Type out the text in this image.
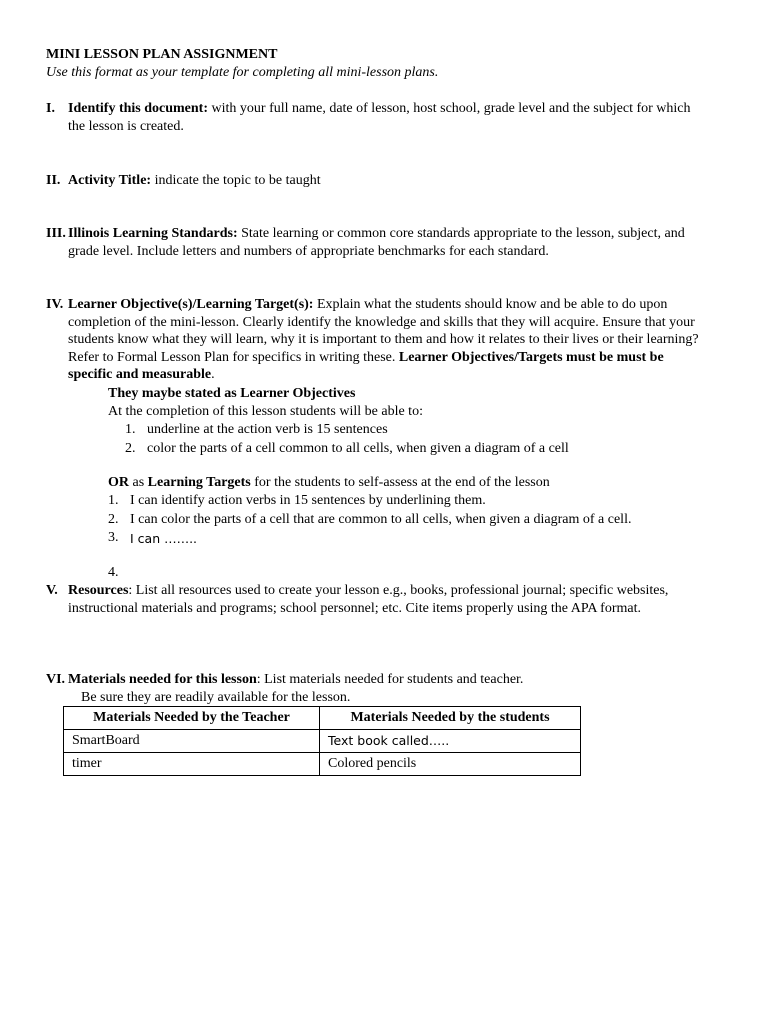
MINI LESSON PLAN ASSIGNMENT
Use this format as your template for completing all mini-lesson plans.
I. Identify this document: with your full name, date of lesson, host school, grade level and the subject for which the lesson is created.
II. Activity Title: indicate the topic to be taught
III. Illinois Learning Standards: State learning or common core standards appropriate to the lesson, subject, and grade level. Include letters and numbers of appropriate benchmarks for each standard.
IV. Learner Objective(s)/Learning Target(s): Explain what the students should know and be able to do upon completion of the mini-lesson. Clearly identify the knowledge and skills that they will acquire. Ensure that your students know what they will learn, why it is important to them and how it relates to their lives or their learning? Refer to Formal Lesson Plan for specifics in writing these. Learner Objectives/Targets must be must be specific and measurable.
They maybe stated as Learner Objectives
At the completion of this lesson students will be able to:
1. underline at the action verb is 15 sentences
2. color the parts of a cell common to all cells, when given a diagram of a cell
OR as Learning Targets for the students to self-assess at the end of the lesson
1. I can identify action verbs in 15 sentences by underlining them.
2. I can color the parts of a cell that are common to all cells, when given a diagram of a cell.
3. I can ……..
4.
V. Resources: List all resources used to create your lesson e.g., books, professional journal; specific websites, instructional materials and programs; school personnel; etc. Cite items properly using the APA format.
VI. Materials needed for this lesson: List materials needed for students and teacher.
Be sure they are readily available for the lesson.
Materials Needed by the Teacher	Materials Needed by the students
SmartBoard	Text book called…..
timer	Colored pencils
